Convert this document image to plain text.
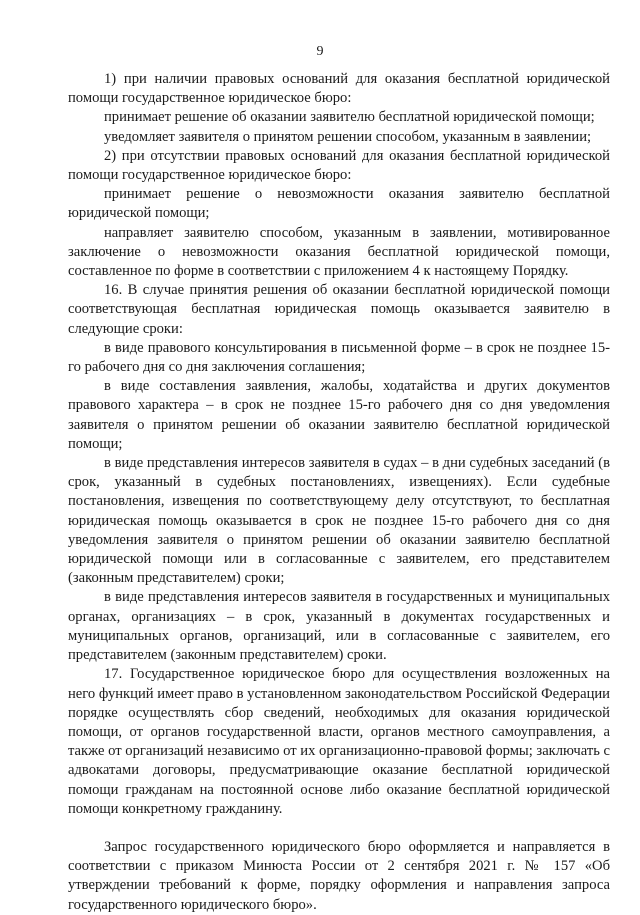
9

1) при наличии правовых оснований для оказания бесплатной юридической помощи государственное юридическое бюро:

принимает решение об оказании заявителю бесплатной юридической помощи;

уведомляет заявителя о принятом решении способом, указанным в заявлении;

2) при отсутствии правовых оснований для оказания бесплатной юридической помощи государственное юридическое бюро:

принимает решение о невозможности оказания заявителю бесплатной юридической помощи;

направляет заявителю способом, указанным в заявлении, мотивированное заключение о невозможности оказания бесплатной юридической помощи, составленное по форме в соответствии с приложением 4 к настоящему Порядку.

16. В случае принятия решения об оказании бесплатной юридической помощи соответствующая бесплатная юридическая помощь оказывается заявителю в следующие сроки:

в виде правового консультирования в письменной форме – в срок не позднее 15-го рабочего дня со дня заключения соглашения;

в виде составления заявления, жалобы, ходатайства и других документов правового характера – в срок не позднее 15-го рабочего дня со дня уведомления заявителя о принятом решении об оказании заявителю бесплатной юридической помощи;

в виде представления интересов заявителя в судах – в дни судебных заседаний (в срок, указанный в судебных постановлениях, извещениях). Если судебные постановления, извещения по соответствующему делу отсутствуют, то бесплатная юридическая помощь оказывается в срок не позднее 15-го рабочего дня со дня уведомления заявителя о принятом решении об оказании заявителю бесплатной юридической помощи или в согласованные с заявителем, его представителем (законным представителем) сроки;

в виде представления интересов заявителя в государственных и муниципальных органах, организациях – в срок, указанный в документах государственных и муниципальных органов, организаций, или в согласованные с заявителем, его представителем (законным представителем) сроки.

17. Государственное юридическое бюро для осуществления возложенных на него функций имеет право в установленном законодательством Российской Федерации порядке осуществлять сбор сведений, необходимых для оказания юридической помощи, от органов государственной власти, органов местного самоуправления, а также от организаций независимо от их организационно-правовой формы; заключать с адвокатами договоры, предусматривающие оказание бесплатной юридической помощи гражданам на постоянной основе либо оказание бесплатной юридической помощи конкретному гражданину.

Запрос государственного юридического бюро оформляется и направляется в соответствии с приказом Минюста России от 2 сентября 2021 г. № 157 «Об утверждении требований к форме, порядку оформления и направления запроса государственного юридического бюро».
